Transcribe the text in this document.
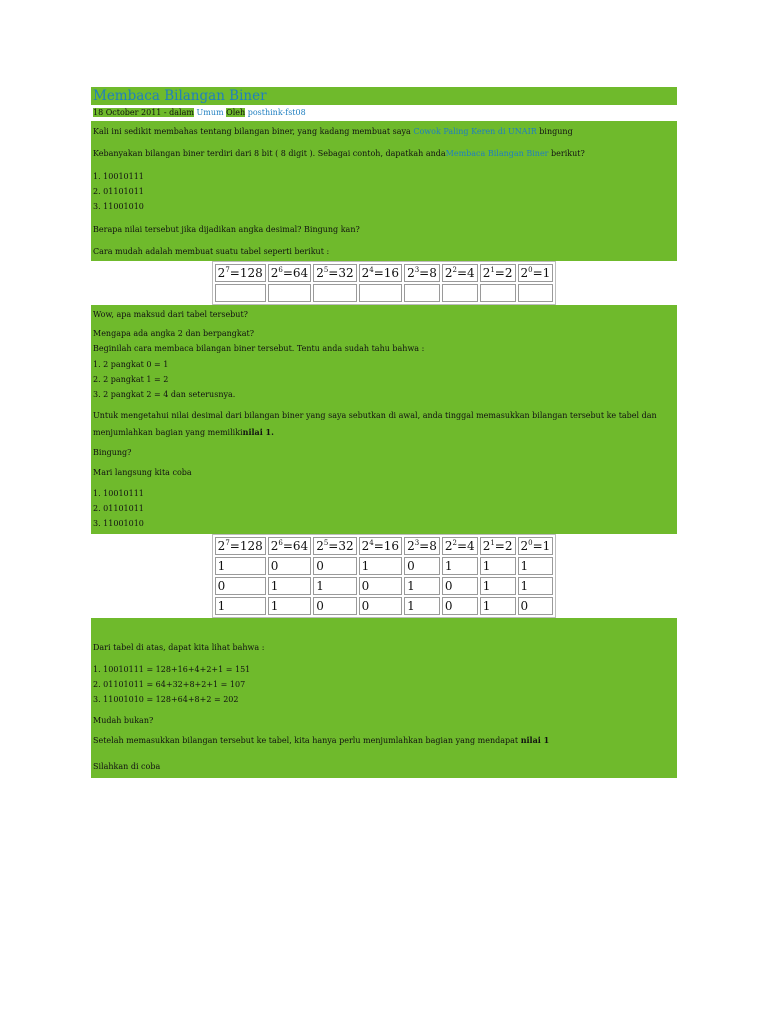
Membaca Bilangan Biner
18 October 2011 - dalam Umum Oleh posthink-fst08

Kali ini sedikit membahas tentang bilangan biner, yang kadang membuat saya Cowok Paling Keren di UNAIR bingung

Kebanyakan bilangan biner terdiri dari 8 bit ( 8 digit ). Sebagai contoh, dapatkah andaMembaca Bilangan Biner berikut?

1. 10010111

2. 01101011

3. 11001010

Berapa nilai tersebut jika dijadikan angka desimal? Bingung kan?

Cara mudah adalah membuat suatu tabel seperti berikut :

$2^7=128$	$2^6=64$	$2^5=32$	$2^4=16$	$2^3=8$	$2^2=4$	$2^1=2$	$2^0=1$

Wow, apa maksud dari tabel tersebut?

Mengapa ada angka 2 dan berpangkat?

Beginilah cara membaca bilangan biner tersebut. Tentu anda sudah tahu bahwa :

1. 2 pangkat 0 = 1

2. 2 pangkat 1 = 2

3. 2 pangkat 2 = 4 dan seterusnya.

Untuk mengetahui nilai desimal dari bilangan biner yang saya sebutkan di awal, anda tinggal memasukkan bilangan tersebut ke tabel dan menjumlahkan bagian yang memilikinilai 1.

Bingung?

Mari langsung kita coba

1. 10010111

2. 01101011

3. 11001010

$2^7=128$	$2^6=64$	$2^5=32$	$2^4=16$	$2^3=8$	$2^2=4$	$2^1=2$	$2^0=1$
1	0	0	1	0	1	1	1
0	1	1	0	1	0	1	1
1	1	0	0	1	0	1	0

Dari tabel di atas, dapat kita lihat bahwa :

1. 10010111 = 128+16+4+2+1 = 151

2. 01101011 = 64+32+8+2+1 = 107

3. 11001010 = 128+64+8+2 = 202

Mudah bukan?

Setelah memasukkan bilangan tersebut ke tabel, kita hanya perlu menjumlahkan bagian yang mendapat nilai 1

Silahkan di coba
